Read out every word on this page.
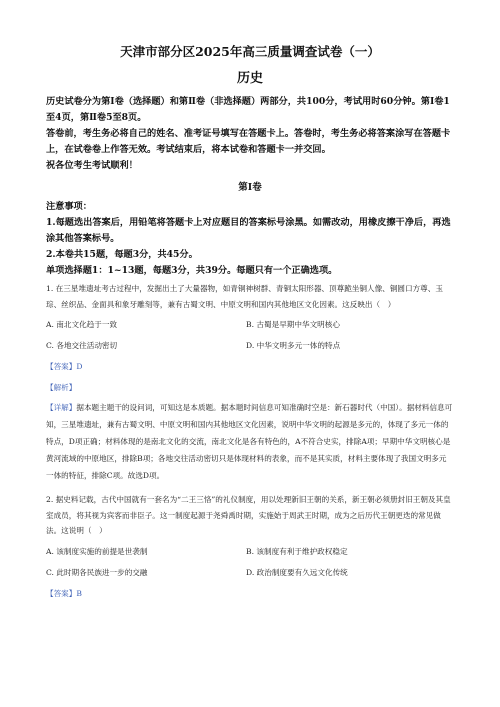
天津市部分区2025年高三质量调查试卷（一）
历史

历史试卷分为第Ⅰ卷（选择题）和第Ⅱ卷（非选择题）两部分，共100分，考试用时60分钟。第Ⅰ卷1至4页，第Ⅱ卷5至8页。

答卷前，考生务必将自己的姓名、准考证号填写在答题卡上。答卷时，考生务必将答案涂写在答题卡上，在试卷卷上作答无效。考试结束后，将本试卷和答题卡一并交回。

祝各位考生考试顺利！

第Ⅰ卷

注意事项：

1.每题选出答案后，用铅笔将答题卡上对应题目的答案标号涂黑。如需改动，用橡皮擦干净后，再选涂其他答案标号。

2.本卷共15题，每题3分，共45分。

单项选择题1：1~13题，每题3分，共39分。每题只有一个正确选项。

1. 在三星堆遗址考古过程中，发掘出土了大量器物，如青铜神树群、青铜太阳形器、顶尊跪坐铜人像、铜圆口方尊、玉琮、丝织品、金面具和象牙雕刻等，兼有古蜀文明、中原文明和国内其他地区文化因素。这反映出（　）

A. 南北文化趋于一致	B. 古蜀是早期中华文明核心
C. 各地交往活动密切	D. 中华文明多元一体的特点

【答案】D

【解析】

【详解】据本题主题干的设问词，可知这是本质题。据本题时间信息可知准确时空是：新石器时代（中国）。据材料信息可知，三星堆遗址，兼有古蜀文明、中原文明和国内其他地区文化因素，说明中华文明的起源是多元的，体现了多元一体的特点，D项正确；材料体现的是南北文化的交流，南北文化是各有特色的，A不符合史实，排除A项；早期中华文明核心是黄河流域的中原地区，排除B项；各地交往活动密切只是体现材料的表象，而不是其实质，材料主要体现了我国文明多元一体的特征，排除C项。故选D项。

2. 据史料记载，古代中国就有一套名为“二王三恪”的礼仪制度，用以处理新旧王朝的关系，新王朝必须册封旧王朝及其皇室成员，将其视为宾客而非臣子。这一制度起源于尧舜禹时期，实施始于周武王时期，成为之后历代王朝更迭的常见做法。这说明（　）

A. 该制度实施的前提是世袭制	B. 该制度有利于维护政权稳定
C. 此时期各民族进一步的交融	D. 政治制度要有久远文化传统

【答案】B
